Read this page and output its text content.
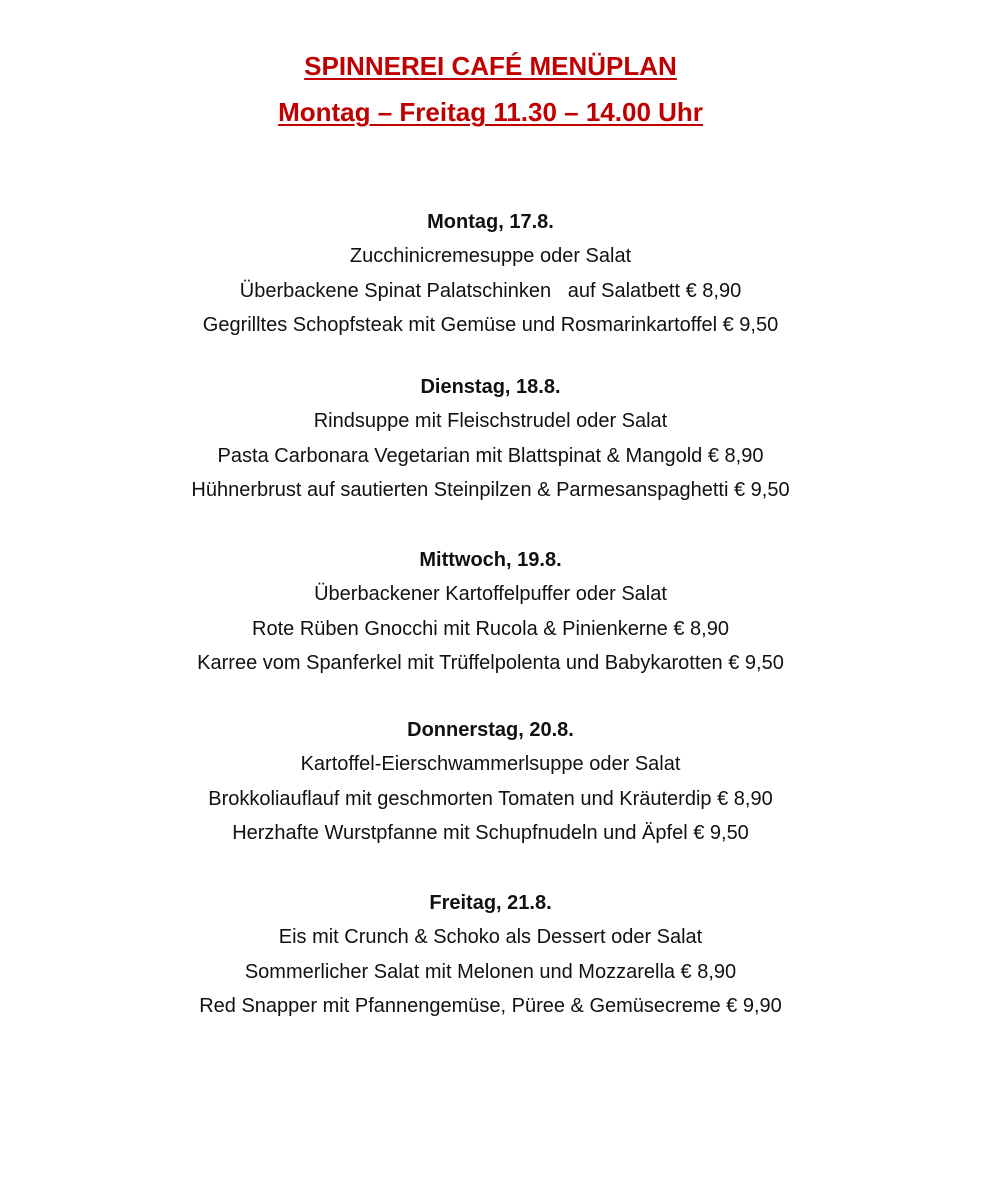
SPINNEREI CAFÉ MENÜPLAN
Montag – Freitag 11.30 – 14.00 Uhr
Montag, 17.8.
Zucchinicremesuppe oder Salat
Überbackene Spinat Palatschinken   auf Salatbett € 8,90
Gegrilltes Schopfsteak mit Gemüse und Rosmarinkartoffel € 9,50
Dienstag, 18.8.
Rindsuppe mit Fleischstrudel oder Salat
Pasta Carbonara Vegetarian mit Blattspinat & Mangold € 8,90
Hühnerbrust auf sautierten Steinpilzen & Parmesanspaghetti € 9,50
Mittwoch, 19.8.
Überbackener Kartoffelpuffer oder Salat
Rote Rüben Gnocchi mit Rucola & Pinienkerne € 8,90
Karree vom Spanferkel mit Trüffelpolenta und Babykarotten € 9,50
Donnerstag, 20.8.
Kartoffel-Eierschwammerlsuppe oder Salat
Brokkoliauflauf mit geschmorten Tomaten und Kräuterdip € 8,90
Herzhafte Wurstpfanne mit Schupfnudeln und Äpfel € 9,50
Freitag, 21.8.
Eis mit Crunch & Schoko als Dessert oder Salat
Sommerlicher Salat mit Melonen und Mozzarella € 8,90
Red Snapper mit Pfannengemüse, Püree & Gemüsecreme € 9,90
